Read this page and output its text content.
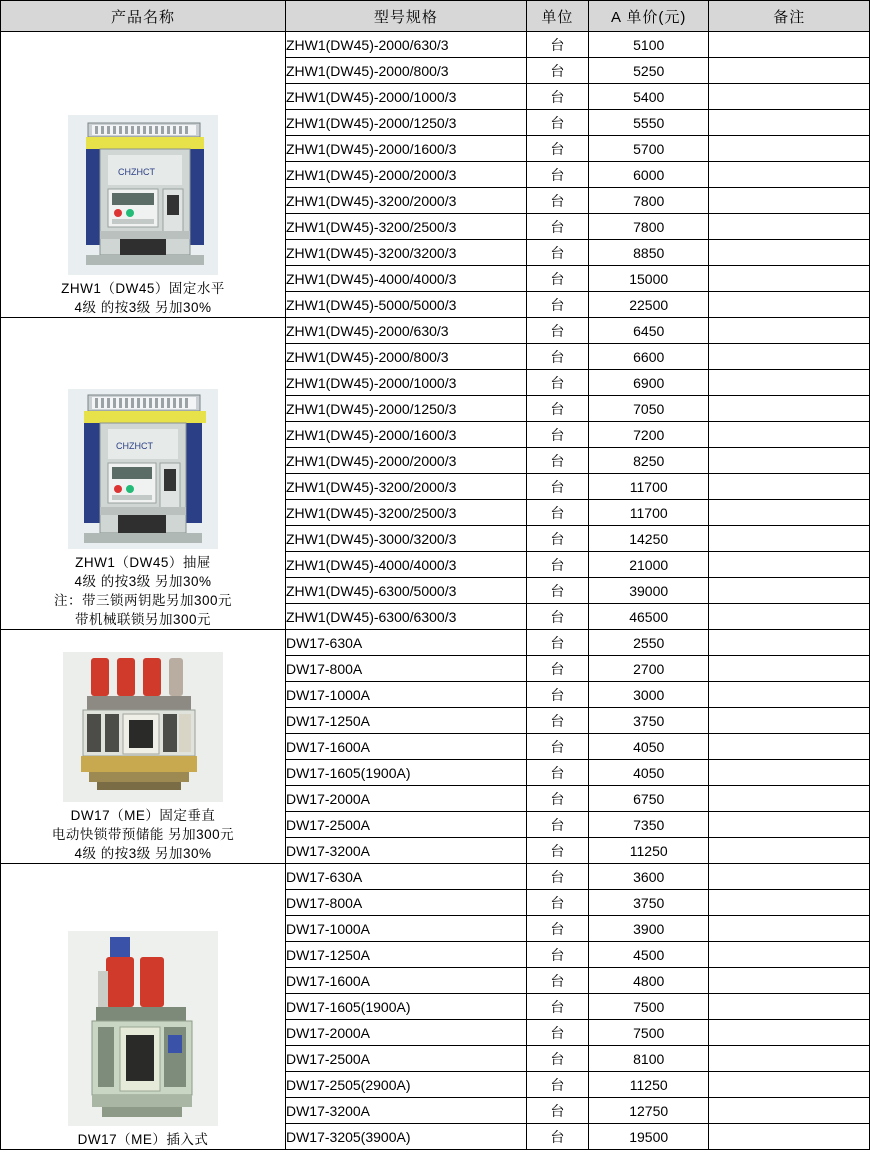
产品名称	型号规格	单位	A 单价(元)	备注

CHZHCT
ZHW1（DW45）固定水平
4级 的按3级 另加30%	ZHW1(DW45)-2000/630/3	台	5100	
	ZHW1(DW45)-2000/800/3	台	5250	
	ZHW1(DW45)-2000/1000/3	台	5400	
	ZHW1(DW45)-2000/1250/3	台	5550	
	ZHW1(DW45)-2000/1600/3	台	5700	
	ZHW1(DW45)-2000/2000/3	台	6000	
	ZHW1(DW45)-3200/2000/3	台	7800	
	ZHW1(DW45)-3200/2500/3	台	7800	
	ZHW1(DW45)-3200/3200/3	台	8850	
	ZHW1(DW45)-4000/4000/3	台	15000	
	ZHW1(DW45)-5000/5000/3	台	22500	

CHZHCT
ZHW1（DW45）抽屉
4级 的按3级 另加30%
注：带三锁两钥匙另加300元
带机械联锁另加300元	ZHW1(DW45)-2000/630/3	台	6450	
	ZHW1(DW45)-2000/800/3	台	6600	
	ZHW1(DW45)-2000/1000/3	台	6900	
	ZHW1(DW45)-2000/1250/3	台	7050	
	ZHW1(DW45)-2000/1600/3	台	7200	
	ZHW1(DW45)-2000/2000/3	台	8250	
	ZHW1(DW45)-3200/2000/3	台	11700	
	ZHW1(DW45)-3200/2500/3	台	11700	
	ZHW1(DW45)-3000/3200/3	台	14250	
	ZHW1(DW45)-4000/4000/3	台	21000	
	ZHW1(DW45)-6300/5000/3	台	39000	
	ZHW1(DW45)-6300/6300/3	台	46500	

DW17（ME）固定垂直
电动快锁带预储能 另加300元
4级 的按3级 另加30%	DW17-630A	台	2550	
	DW17-800A	台	2700	
	DW17-1000A	台	3000	
	DW17-1250A	台	3750	
	DW17-1600A	台	4050	
	DW17-1605(1900A)	台	4050	
	DW17-2000A	台	6750	
	DW17-2500A	台	7350	
	DW17-3200A	台	11250	

DW17（ME）插入式	DW17-630A	台	3600	
	DW17-800A	台	3750	
	DW17-1000A	台	3900	
	DW17-1250A	台	4500	
	DW17-1600A	台	4800	
	DW17-1605(1900A)	台	7500	
	DW17-2000A	台	7500	
	DW17-2500A	台	8100	
	DW17-2505(2900A)	台	11250	
	DW17-3200A	台	12750	
	DW17-3205(3900A)	台	19500	
